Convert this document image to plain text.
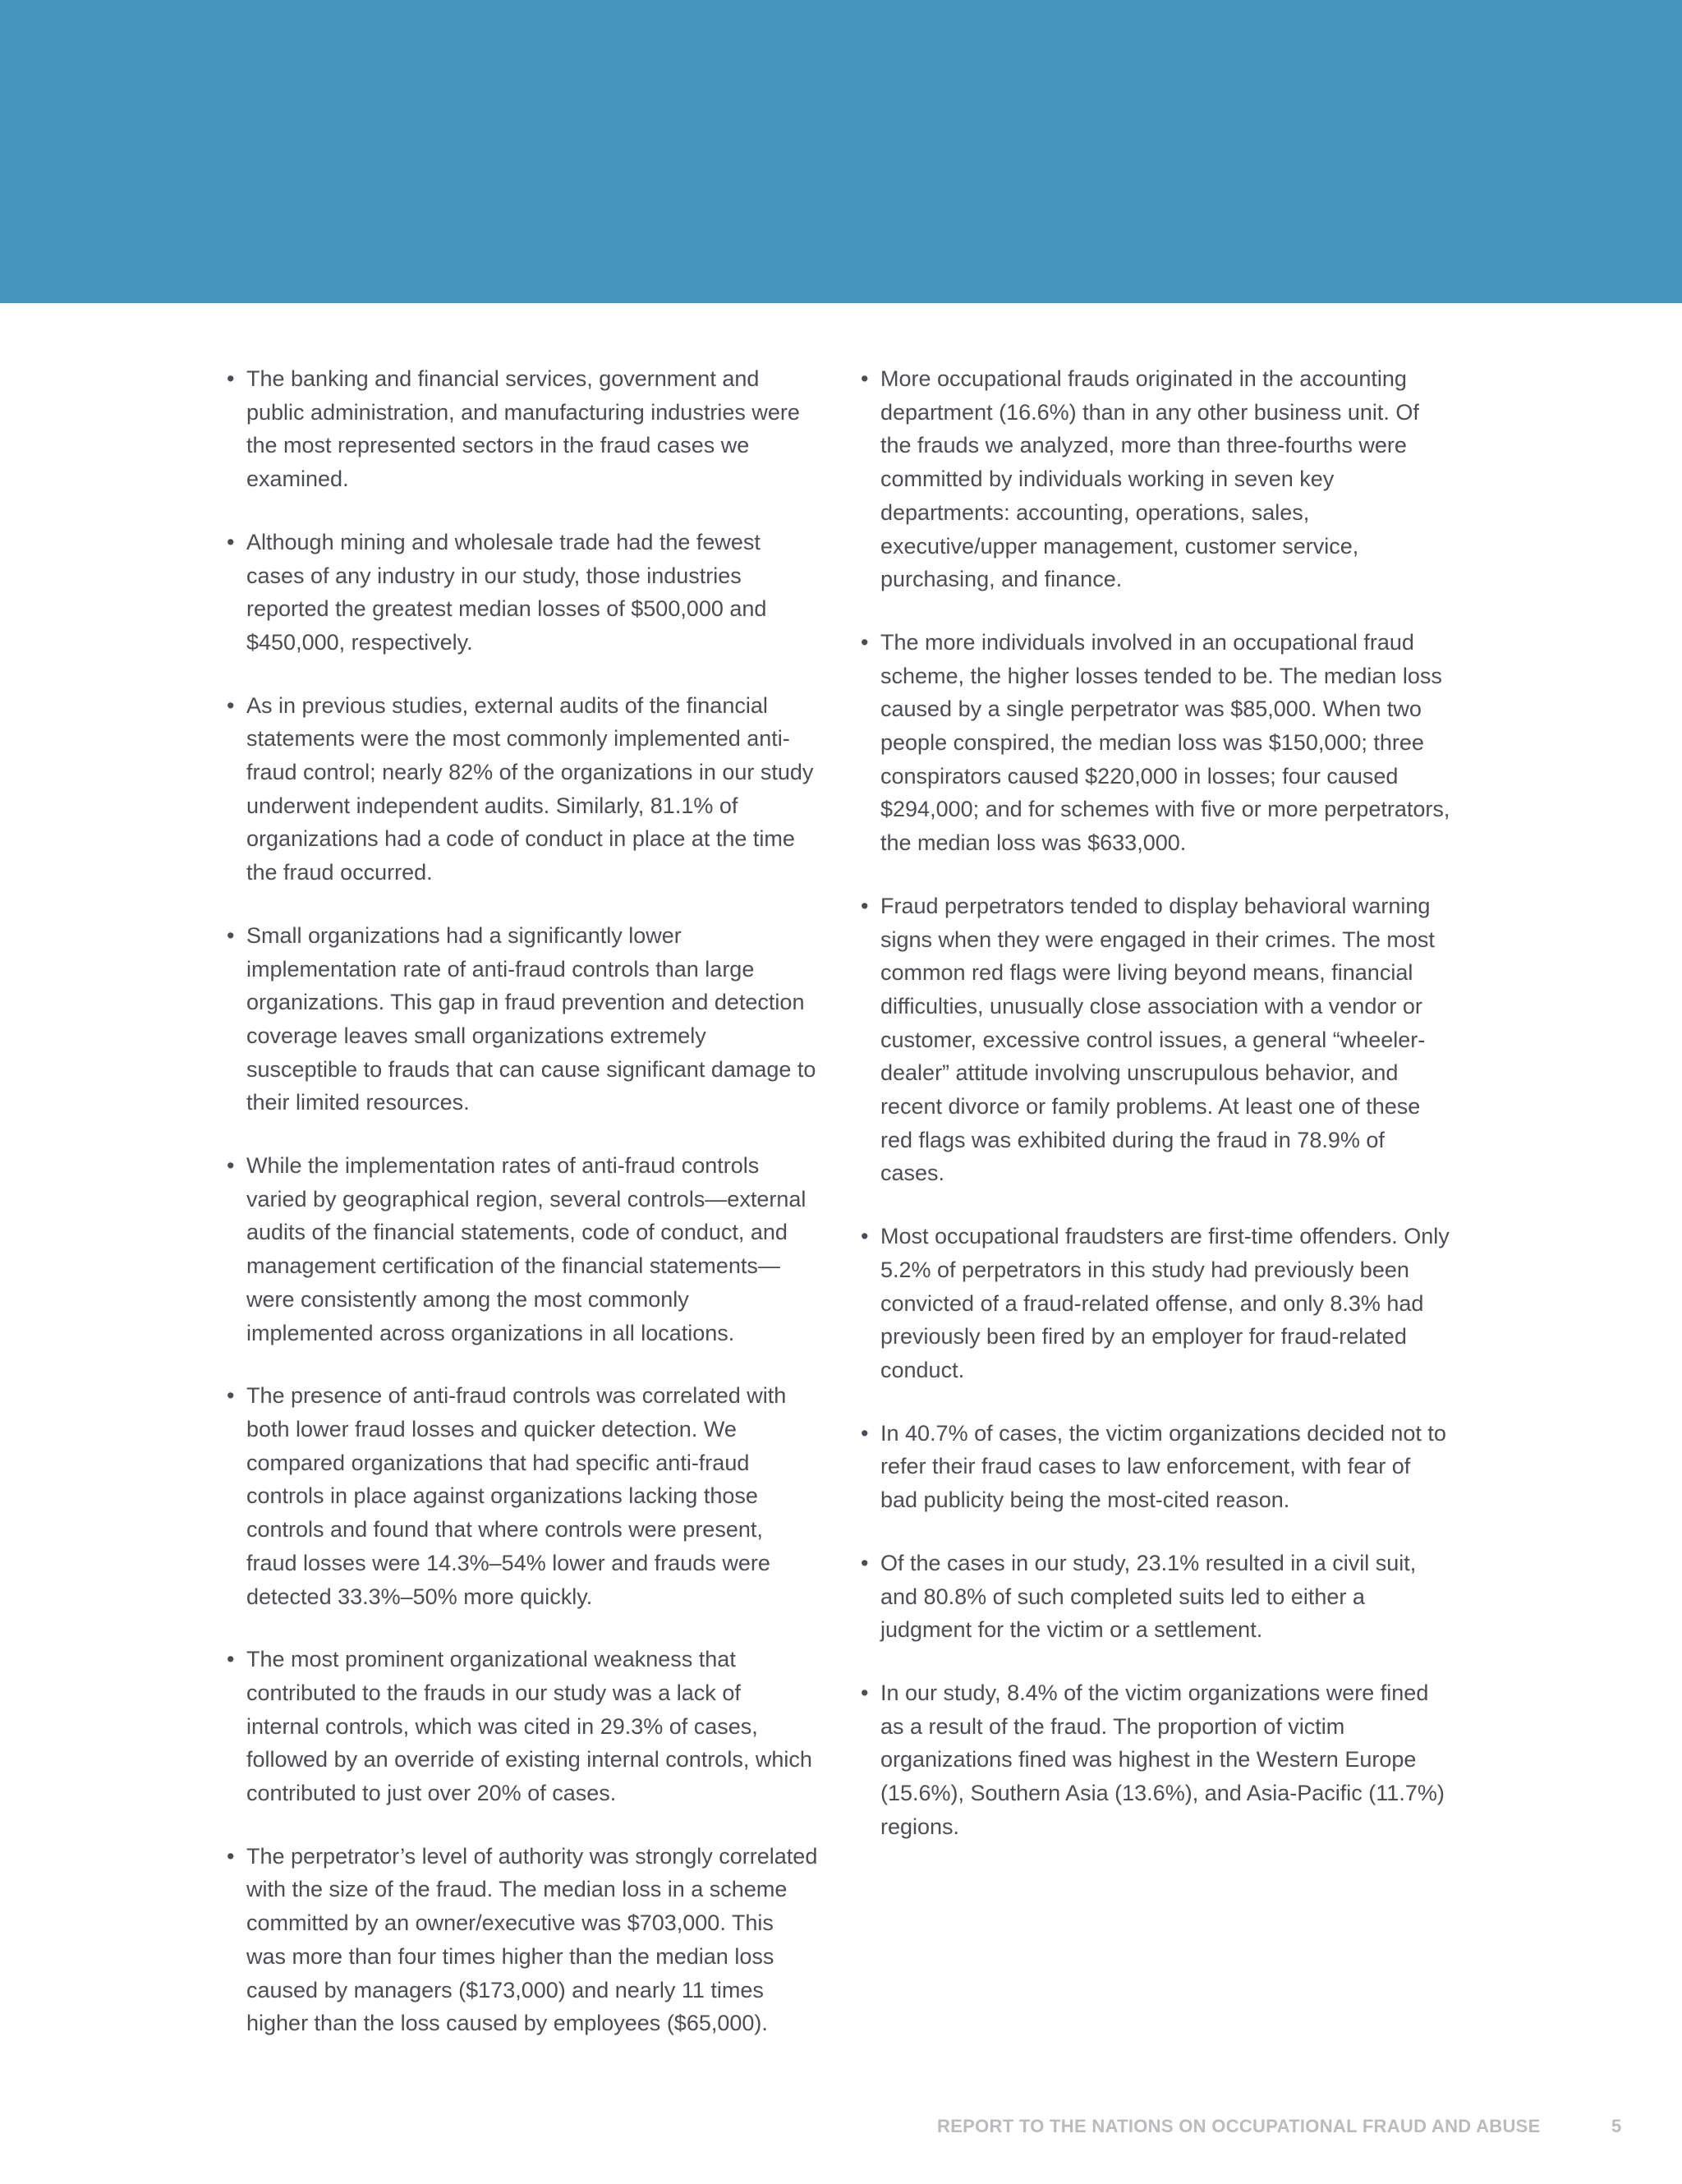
• The banking and financial services, government and public administration, and manufacturing industries were the most represented sectors in the fraud cases we examined.
• Although mining and wholesale trade had the fewest cases of any industry in our study, those industries reported the greatest median losses of $500,000 and $450,000, respectively.
• As in previous studies, external audits of the financial statements were the most commonly implemented anti-fraud control; nearly 82% of the organizations in our study underwent independent audits. Similarly, 81.1% of organizations had a code of conduct in place at the time the fraud occurred.
• Small organizations had a significantly lower implementation rate of anti-fraud controls than large organizations. This gap in fraud prevention and detection coverage leaves small organizations extremely susceptible to frauds that can cause significant damage to their limited resources.
• While the implementation rates of anti-fraud controls varied by geographical region, several controls—external audits of the financial statements, code of conduct, and management certification of the financial statements—were consistently among the most commonly implemented across organizations in all locations.
• The presence of anti-fraud controls was correlated with both lower fraud losses and quicker detection. We compared organizations that had specific anti-fraud controls in place against organizations lacking those controls and found that where controls were present, fraud losses were 14.3%–54% lower and frauds were detected 33.3%–50% more quickly.
• The most prominent organizational weakness that contributed to the frauds in our study was a lack of internal controls, which was cited in 29.3% of cases, followed by an override of existing internal controls, which contributed to just over 20% of cases.
• The perpetrator’s level of authority was strongly correlated with the size of the fraud. The median loss in a scheme committed by an owner/executive was $703,000. This was more than four times higher than the median loss caused by managers ($173,000) and nearly 11 times higher than the loss caused by employees ($65,000).
• More occupational frauds originated in the accounting department (16.6%) than in any other business unit. Of the frauds we analyzed, more than three-fourths were committed by individuals working in seven key departments: accounting, operations, sales, executive/upper management, customer service, purchasing, and finance.
• The more individuals involved in an occupational fraud scheme, the higher losses tended to be. The median loss caused by a single perpetrator was $85,000. When two people conspired, the median loss was $150,000; three conspirators caused $220,000 in losses; four caused $294,000; and for schemes with five or more perpetrators, the median loss was $633,000.
• Fraud perpetrators tended to display behavioral warning signs when they were engaged in their crimes. The most common red flags were living beyond means, financial difficulties, unusually close association with a vendor or customer, excessive control issues, a general “wheeler-dealer” attitude involving unscrupulous behavior, and recent divorce or family problems. At least one of these red flags was exhibited during the fraud in 78.9% of cases.
• Most occupational fraudsters are first-time offenders. Only 5.2% of perpetrators in this study had previously been convicted of a fraud-related offense, and only 8.3% had previously been fired by an employer for fraud-related conduct.
• In 40.7% of cases, the victim organizations decided not to refer their fraud cases to law enforcement, with fear of bad publicity being the most-cited reason.
• Of the cases in our study, 23.1% resulted in a civil suit, and 80.8% of such completed suits led to either a judgment for the victim or a settlement.
• In our study, 8.4% of the victim organizations were fined as a result of the fraud. The proportion of victim organizations fined was highest in the Western Europe (15.6%), Southern Asia (13.6%), and Asia-Pacific (11.7%) regions.
REPORT TO THE NATIONS ON OCCUPATIONAL FRAUD AND ABUSE	5
